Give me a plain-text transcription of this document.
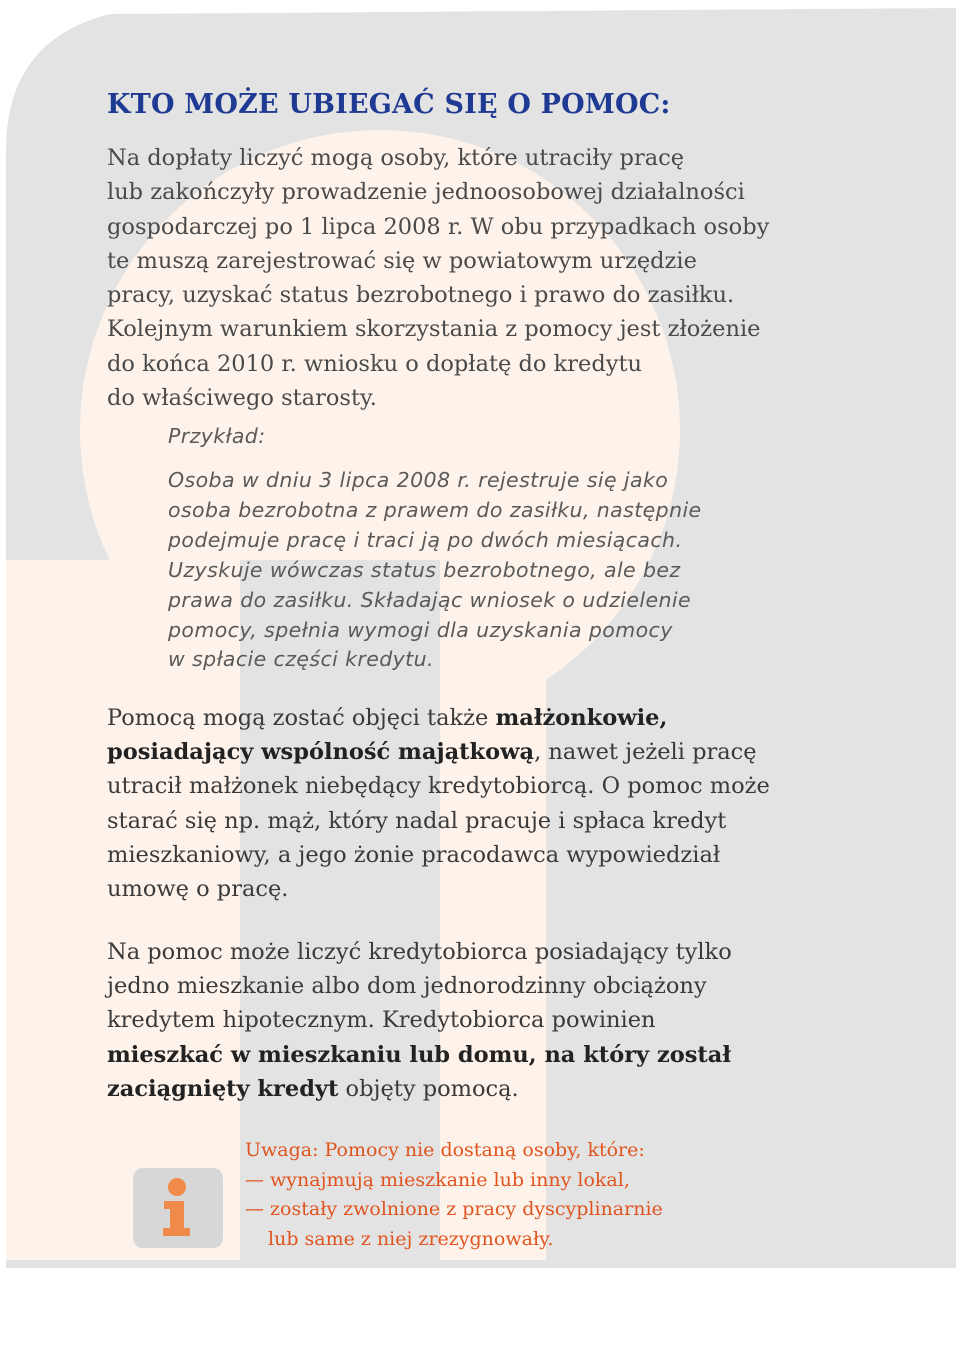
KTO MOŻE UBIEGAĆ SIĘ O POMOC:

Na dopłaty liczyć mogą osoby, które utraciły pracę
lub zakończyły prowadzenie jednoosobowej działalności
gospodarczej po 1 lipca 2008 r. W obu przypadkach osoby
te muszą zarejestrować się w powiatowym urzędzie
pracy, uzyskać status bezrobotnego i prawo do zasiłku.
Kolejnym warunkiem skorzystania z pomocy jest złożenie
do końca 2010 r. wniosku o dopłatę do kredytu
do właściwego starosty.

Przykład:

Osoba w dniu 3 lipca 2008 r. rejestruje się jako
osoba bezrobotna z prawem do zasiłku, następnie
podejmuje pracę i traci ją po dwóch miesiącach.
Uzyskuje wówczas status bezrobotnego, ale bez
prawa do zasiłku. Składając wniosek o udzielenie
pomocy, spełnia wymogi dla uzyskania pomocy
w spłacie części kredytu.

Pomocą mogą zostać objęci także małżonkowie,
posiadający wspólność majątkową, nawet jeżeli pracę
utracił małżonek niebędący kredytobiorcą. O pomoc może
starać się np. mąż, który nadal pracuje i spłaca kredyt
mieszkaniowy, a jego żonie pracodawca wypowiedział
umowę o pracę.

Na pomoc może liczyć kredytobiorca posiadający tylko
jedno mieszkanie albo dom jednorodzinny obciążony
kredytem hipotecznym. Kredytobiorca powinien
mieszkać w mieszkaniu lub domu, na który został
zaciągnięty kredyt objęty pomocą.

Uwaga: Pomocy nie dostaną osoby, które:
— wynajmują mieszkanie lub inny lokal,
— zostały zwolnione z pracy dyscyplinarnie
lub same z niej zrezygnowały.
